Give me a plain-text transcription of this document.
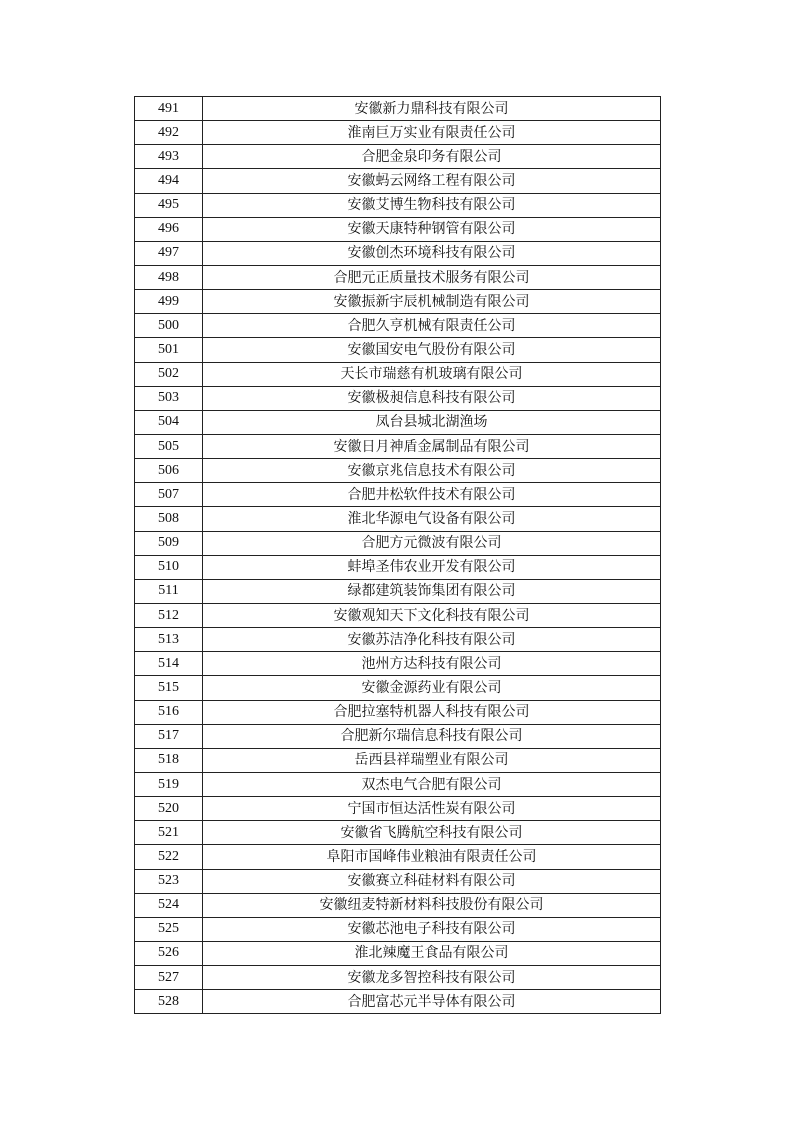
491	安徽新力鼎科技有限公司
492	淮南巨万实业有限责任公司
493	合肥金泉印务有限公司
494	安徽蚂云网络工程有限公司
495	安徽艾博生物科技有限公司
496	安徽天康特种钢管有限公司
497	安徽创杰环境科技有限公司
498	合肥元正质量技术服务有限公司
499	安徽振新宇辰机械制造有限公司
500	合肥久亨机械有限责任公司
501	安徽国安电气股份有限公司
502	天长市瑞慈有机玻璃有限公司
503	安徽极昶信息科技有限公司
504	凤台县城北湖渔场
505	安徽日月神盾金属制品有限公司
506	安徽京兆信息技术有限公司
507	合肥井松软件技术有限公司
508	淮北华源电气设备有限公司
509	合肥方元微波有限公司
510	蚌埠圣伟农业开发有限公司
511	绿都建筑装饰集团有限公司
512	安徽观知天下文化科技有限公司
513	安徽苏洁净化科技有限公司
514	池州方达科技有限公司
515	安徽金源药业有限公司
516	合肥拉塞特机器人科技有限公司
517	合肥新尔瑞信息科技有限公司
518	岳西县祥瑞塑业有限公司
519	双杰电气合肥有限公司
520	宁国市恒达活性炭有限公司
521	安徽省飞腾航空科技有限公司
522	阜阳市国峰伟业粮油有限责任公司
523	安徽赛立科硅材料有限公司
524	安徽纽麦特新材料科技股份有限公司
525	安徽芯池电子科技有限公司
526	淮北辣魔王食品有限公司
527	安徽龙多智控科技有限公司
528	合肥富芯元半导体有限公司
